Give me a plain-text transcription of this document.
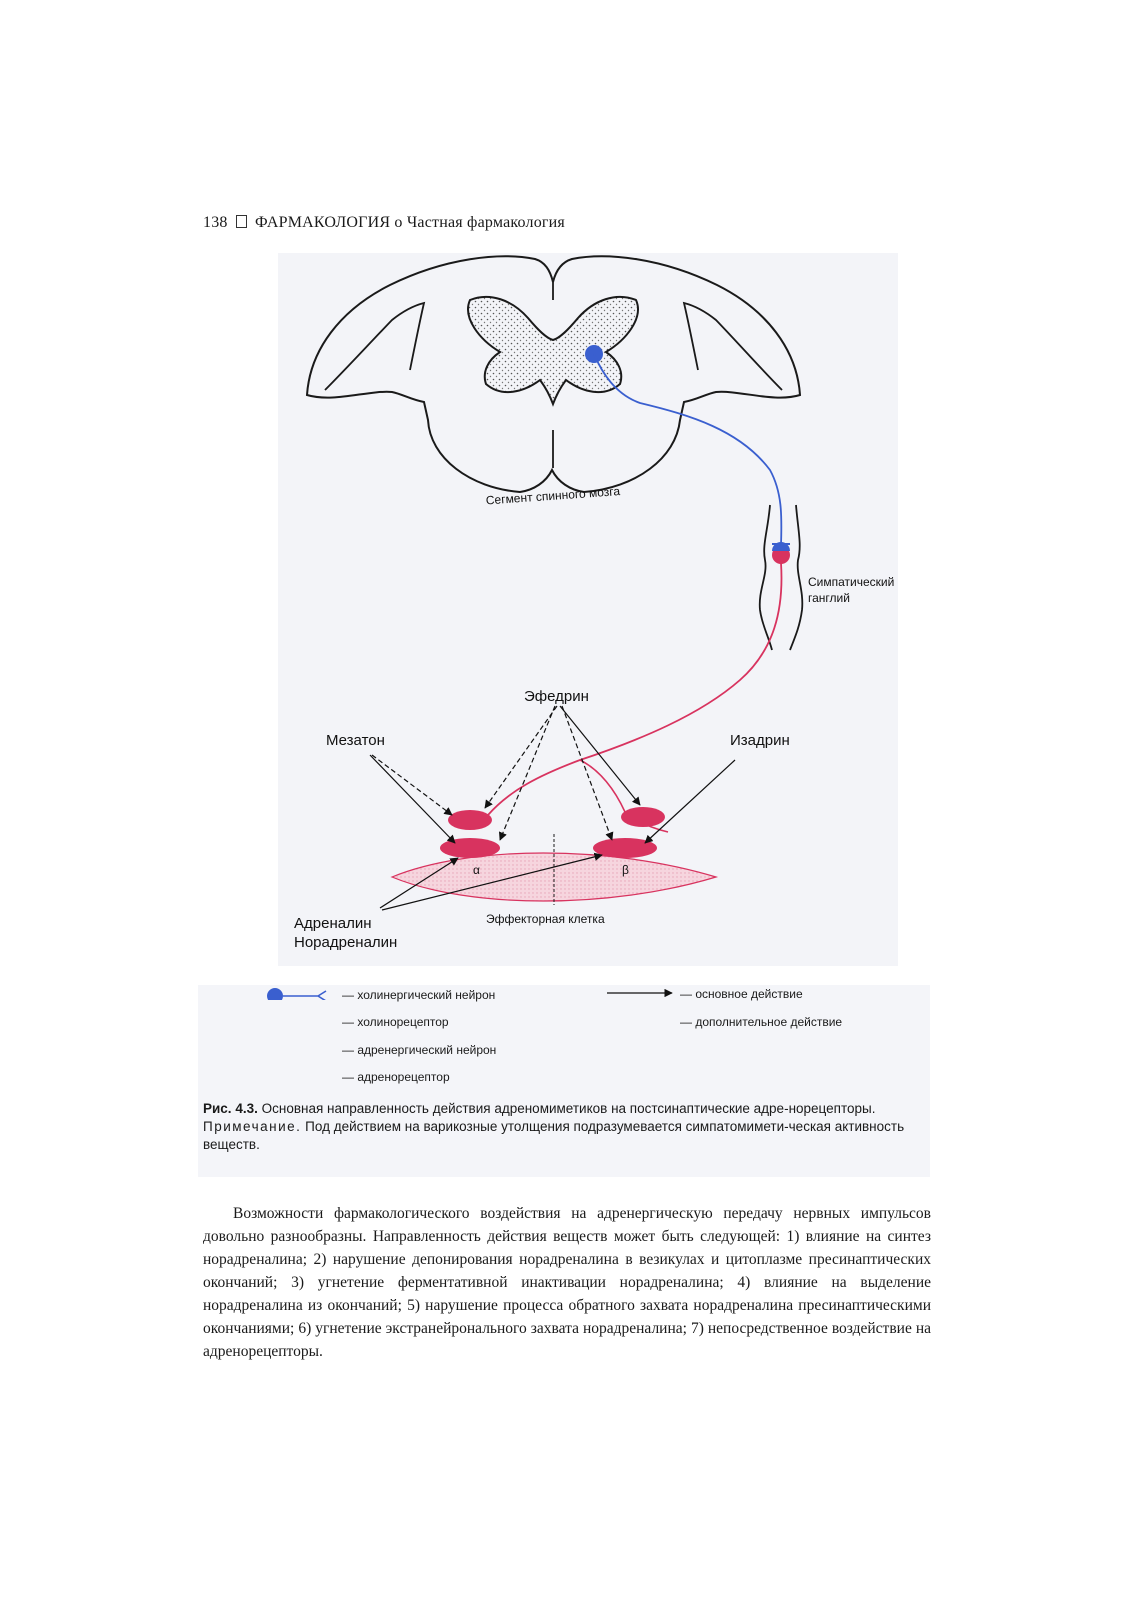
138 ФАРМАКОЛОГИЯ о Частная фармакология
Сегмент спинного мозга
Симпатический
ганглий
Эфедрин
Мезатон	Изадрин
α	β
Эффекторная клетка
Адреналин
Норадреналин
— холинергический нейрон
— холинорецептор
— адренергический нейрон
— адренорецептор
— основное действие
— дополнительное действие
Рис. 4.3. Основная направленность действия адреномиметиков на постсинаптические адре-норецепторы.
Примечание. Под действием на варикозные утолщения подразумевается симпатомимети-ческая активность веществ.
Возможности фармакологического воздействия на адренергическую передачу нервных импульсов довольно разнообразны. Направленность действия веществ может быть следующей: 1) влияние на синтез норадреналина; 2) нарушение депонирования норадреналина в везикулах и цитоплазме пресинаптических окончаний; 3) угнетение ферментативной инактивации норадреналина; 4) влияние на выделение норадреналина из окончаний; 5) нарушение процесса обратного захвата норадреналина пресинаптическими окончаниями; 6) угнетение экстранейронального захвата норадреналина; 7) непосредственное воздействие на адренорецепторы.
